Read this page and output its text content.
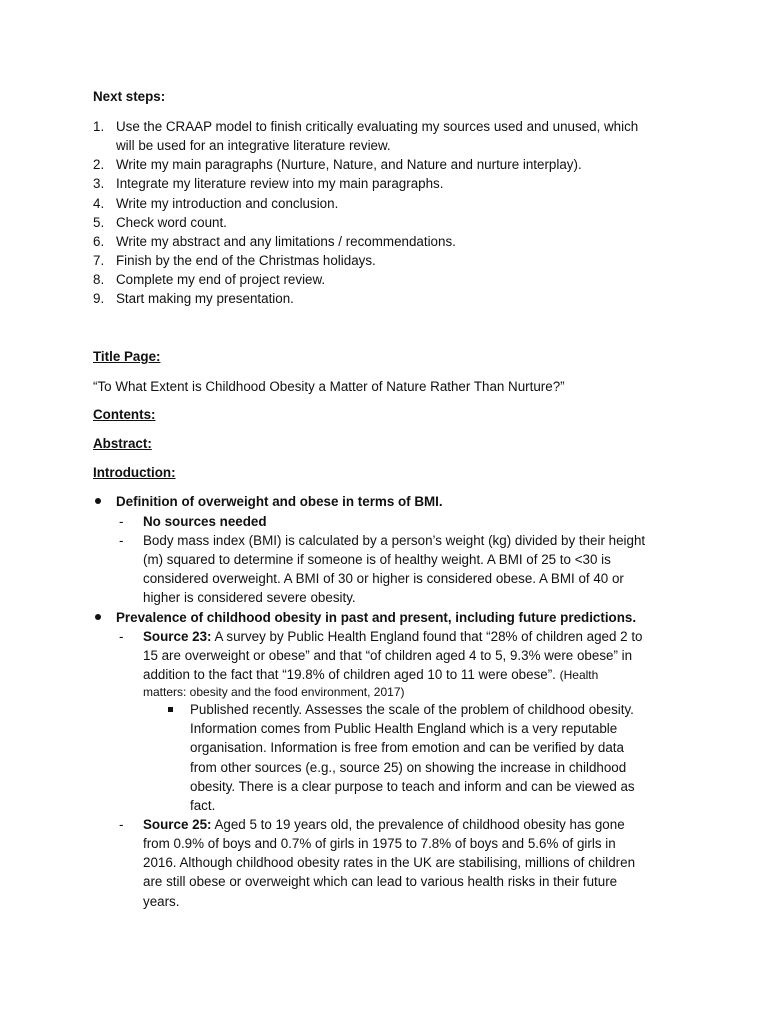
Next steps:
1. Use the CRAAP model to finish critically evaluating my sources used and unused, which
will be used for an integrative literature review.
2. Write my main paragraphs (Nurture, Nature, and Nature and nurture interplay).
3. Integrate my literature review into my main paragraphs.
4. Write my introduction and conclusion.
5. Check word count.
6. Write my abstract and any limitations / recommendations.
7. Finish by the end of the Christmas holidays.
8. Complete my end of project review.
9. Start making my presentation.
Title Page:
“To What Extent is Childhood Obesity a Matter of Nature Rather Than Nurture?”
Contents:
Abstract:
Introduction:
Definition of overweight and obese in terms of BMI.
- No sources needed
- Body mass index (BMI) is calculated by a person’s weight (kg) divided by their height
(m) squared to determine if someone is of healthy weight. A BMI of 25 to <30 is
considered overweight. A BMI of 30 or higher is considered obese. A BMI of 40 or
higher is considered severe obesity.
Prevalence of childhood obesity in past and present, including future predictions.
- Source 23: A survey by Public Health England found that “28% of children aged 2 to
15 are overweight or obese” and that “of children aged 4 to 5, 9.3% were obese” in
addition to the fact that “19.8% of children aged 10 to 11 were obese”. (Health
matters: obesity and the food environment, 2017)
Published recently. Assesses the scale of the problem of childhood obesity.
Information comes from Public Health England which is a very reputable
organisation. Information is free from emotion and can be verified by data
from other sources (e.g., source 25) on showing the increase in childhood
obesity. There is a clear purpose to teach and inform and can be viewed as
fact.
- Source 25: Aged 5 to 19 years old, the prevalence of childhood obesity has gone
from 0.9% of boys and 0.7% of girls in 1975 to 7.8% of boys and 5.6% of girls in
2016. Although childhood obesity rates in the UK are stabilising, millions of children
are still obese or overweight which can lead to various health risks in their future
years.
